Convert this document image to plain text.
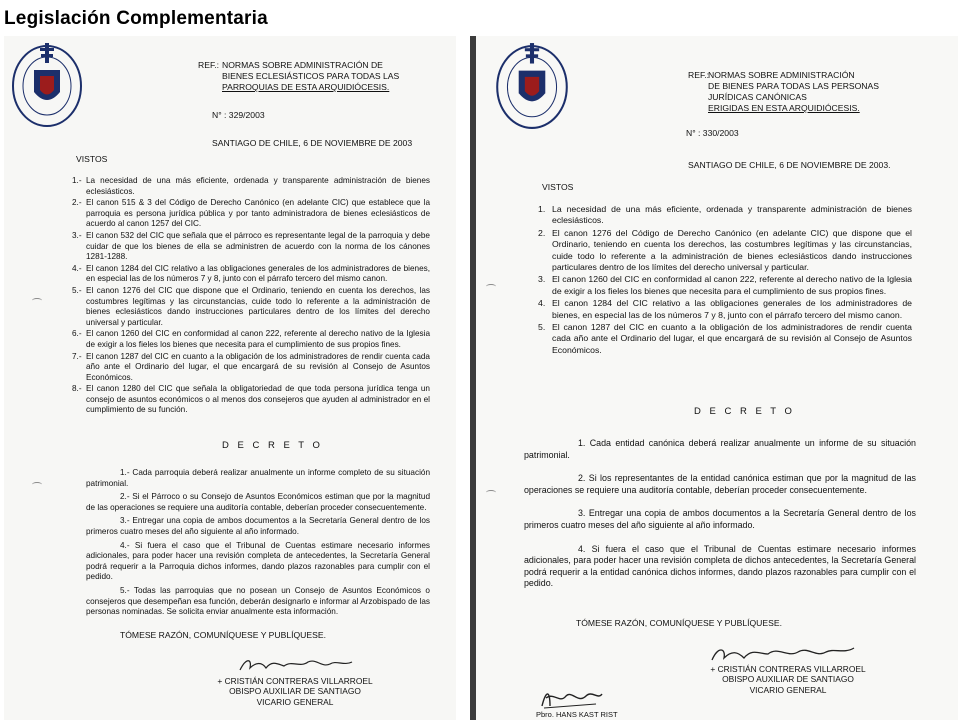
Legislación Complementaria
REF.: NORMAS SOBRE ADMINISTRACIÓN DE
BIENES ECLESIÁSTICOS PARA TODAS LAS
PARROQUIAS DE ESTA ARQUIDIÓCESIS.
N° : 329/2003
SANTIAGO DE CHILE, 6 DE NOVIEMBRE DE 2003
VISTOS
1.- La necesidad de una más eficiente, ordenada y transparente administración de bienes eclesiásticos.
2.- El canon 515 & 3 del Código de Derecho Canónico (en adelante CIC) que establece que la parroquia es persona jurídica pública y por tanto administradora de bienes eclesiásticos de acuerdo al canon 1257 del CIC.
3.- El canon 532 del CIC que señala que el párroco es representante legal de la parroquia y debe cuidar de que los bienes de ella se administren de acuerdo con la norma de los cánones 1281-1288.
4.- El canon 1284 del CIC relativo a las obligaciones generales de los administradores de bienes, en especial las de los números 7 y 8, junto con el párrafo tercero del mismo canon.
5.- El canon 1276 del CIC que dispone que el Ordinario, teniendo en cuenta los derechos, las costumbres legítimas y las circunstancias, cuide todo lo referente a la administración de bienes eclesiásticos dando instrucciones particulares dentro de los límites del derecho universal y particular.
6.- El canon 1260 del CIC en conformidad al canon 222, referente al derecho nativo de la Iglesia de exigir a los fieles los bienes que necesita para el cumplimiento de sus propios fines.
7.- El canon 1287 del CIC en cuanto a la obligación de los administradores de rendir cuenta cada año ante el Ordinario del lugar, el que encargará de su revisión al Consejo de Asuntos Económicos.
8.- El canon 1280 del CIC que señala la obligatoriedad de que toda persona jurídica tenga un consejo de asuntos económicos o al menos dos consejeros que ayuden al administrador en el cumplimiento de su función.
D E C R E T O

1.- Cada parroquia deberá realizar anualmente un informe completo de su situación patrimonial.

2.- Si el Párroco o su Consejo de Asuntos Económicos estiman que por la magnitud de las operaciones se requiere una auditoría contable, deberían proceder consecuentemente.

3.- Entregar una copia de ambos documentos a la Secretaría General dentro de los primeros cuatro meses del año siguiente al año informado.

4.- Si fuera el caso que el Tribunal de Cuentas estimare necesario informes adicionales, para poder hacer una revisión completa de antecedentes, la Secretaría General podrá requerir a la Parroquia dichos informes, dando plazos razonables para cumplir con el pedido.

5.- Todas las parroquias que no posean un Consejo de Asuntos Económicos o consejeros que desempeñan esa función, deberán designarlo e informar al Arzobispado de las personas nominadas. Se solicita enviar anualmente esta información.

TÓMESE RAZÓN, COMUNÍQUESE Y PUBLÍQUESE.
+ CRISTIÁN CONTRERAS VILLARROEL
OBISPO AUXILIAR DE SANTIAGO
VICARIO GENERAL
REF.:
NORMAS SOBRE ADMINISTRACIÓN
DE BIENES PARA TODAS LAS PERSONAS
JURÍDICAS CANÓNICAS
ERIGIDAS EN ESTA ARQUIDIÓCESIS.
N° : 330/2003
SANTIAGO DE CHILE, 6 DE NOVIEMBRE DE 2003.
VISTOS
1. La necesidad de una más eficiente, ordenada y transparente administración de bienes eclesiásticos.
2. El canon 1276 del Código de Derecho Canónico (en adelante CIC) que dispone que el Ordinario, teniendo en cuenta los derechos, las costumbres legítimas y las circunstancias, cuide todo lo referente a la administración de bienes eclesiásticos dando instrucciones particulares dentro de los límites del derecho universal y particular.
3. El canon 1260 del CIC en conformidad al canon 222, referente al derecho nativo de la Iglesia de exigir a los fieles los bienes que necesita para el cumplimiento de sus propios fines.
4. El canon 1284 del CIC relativo a las obligaciones generales de los administradores de bienes, en especial las de los números 7 y 8, junto con el párrafo tercero del mismo canon.
5. El canon 1287 del CIC en cuanto a la obligación de los administradores de rendir cuenta cada año ante el Ordinario del lugar, el que encargará de su revisión al Consejo de Asuntos Económicos.
D E C R E T O

1. Cada entidad canónica deberá realizar anualmente un informe de su situación patrimonial.

2. Si los representantes de la entidad canónica estiman que por la magnitud de las operaciones se requiere una auditoría contable, deberían proceder consecuentemente.

3. Entregar una copia de ambos documentos a la Secretaría General dentro de los primeros cuatro meses del año siguiente al año informado.

4. Si fuera el caso que el Tribunal de Cuentas estimare necesario informes adicionales, para poder hacer una revisión completa de dichos antecedentes, la Secretaría General podrá requerir a la entidad canónica dichos informes, dando plazos razonables para cumplir con el pedido.

TÓMESE RAZÓN, COMUNÍQUESE Y PUBLÍQUESE.
+ CRISTIÁN CONTRERAS VILLARROEL
OBISPO AUXILIAR DE SANTIAGO
VICARIO GENERAL
Pbro. HANS KAST RIST
